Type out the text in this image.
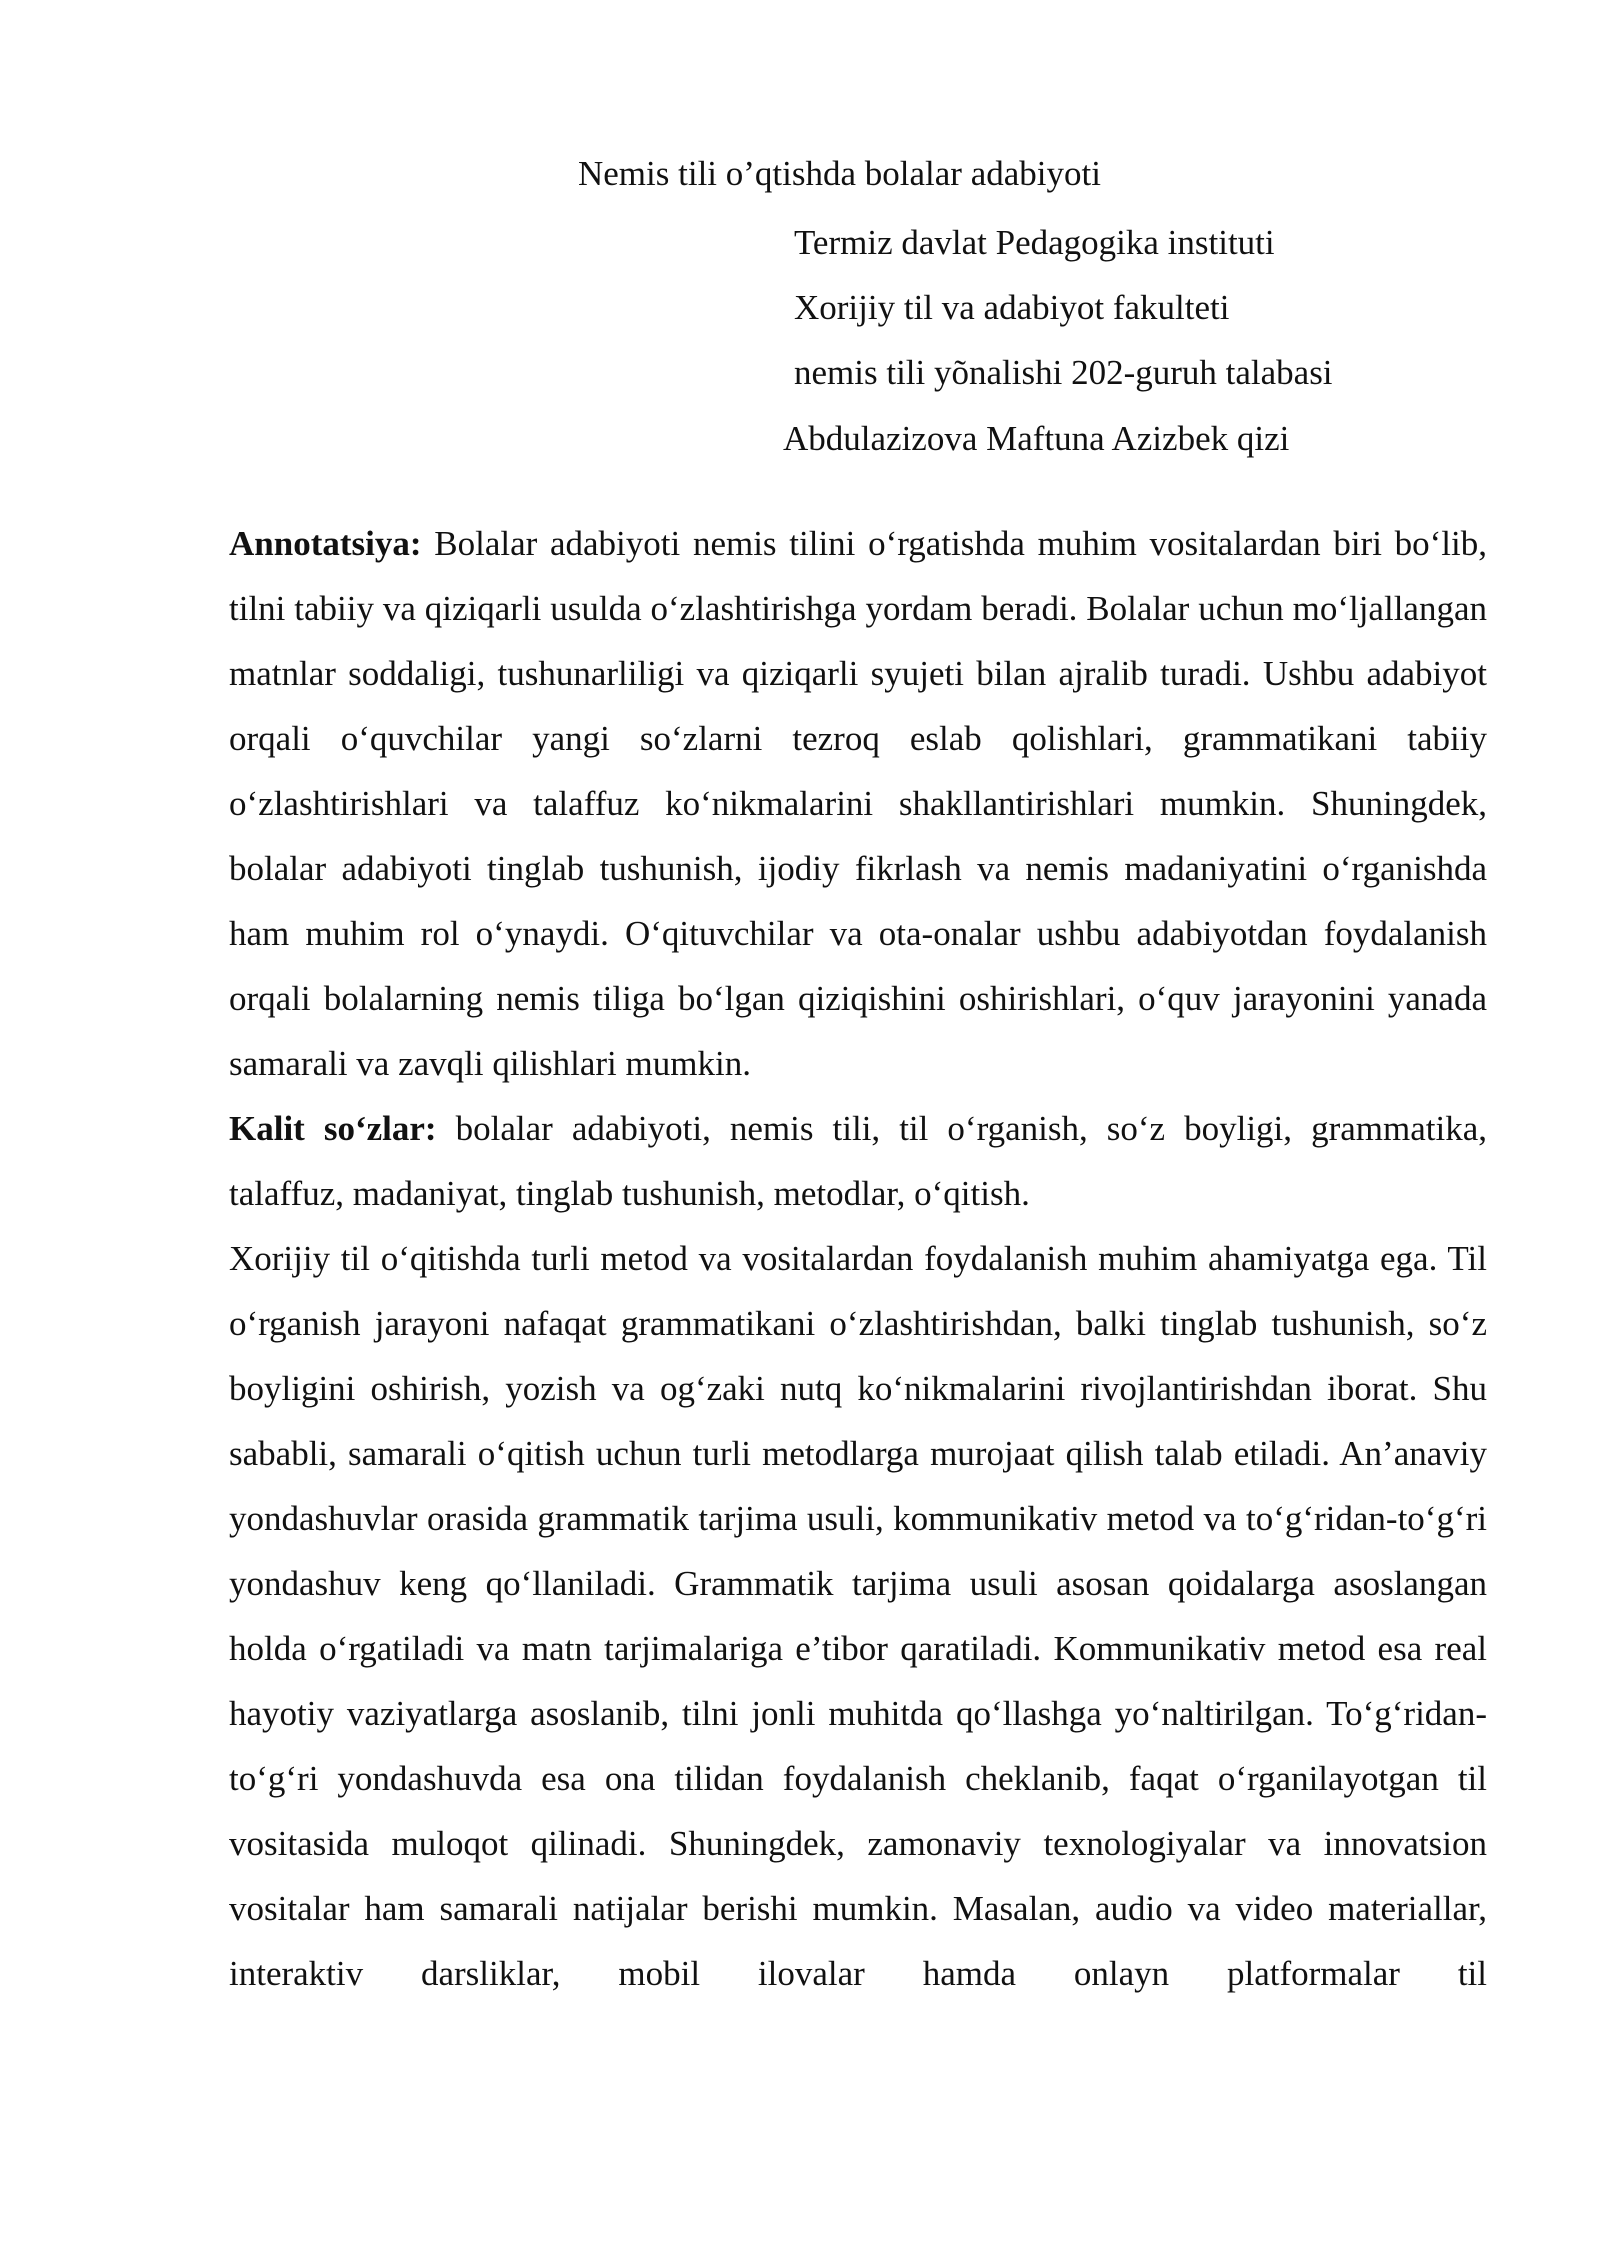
Nemis tili o’qtishda bolalar adabiyoti
Termiz davlat Pedagogika instituti
Xorijiy til va adabiyot fakulteti
nemis tili yõnalishi 202-guruh talabasi
Abdulazizova Maftuna Azizbek qizi

Annotatsiya: Bolalar adabiyoti nemis tilini o‘rgatishda muhim vositalardan biri bo‘lib, tilni tabiiy va qiziqarli usulda o‘zlashtirishga yordam beradi. Bolalar uchun mo‘ljallangan matnlar soddaligi, tushunarliligi va qiziqarli syujeti bilan ajralib turadi. Ushbu adabiyot orqali o‘quvchilar yangi so‘zlarni tezroq eslab qolishlari, grammatikani tabiiy o‘zlashtirishlari va talaffuz ko‘nikmalarini shakllantirishlari mumkin. Shuningdek, bolalar adabiyoti tinglab tushunish, ijodiy fikrlash va nemis madaniyatini o‘rganishda ham muhim rol o‘ynaydi. O‘qituvchilar va ota-onalar ushbu adabiyotdan foydalanish orqali bolalarning nemis tiliga bo‘lgan qiziqishini oshirishlari, o‘quv jarayonini yanada samarali va zavqli qilishlari mumkin.

Kalit so‘zlar: bolalar adabiyoti, nemis tili, til o‘rganish, so‘z boyligi, grammatika, talaffuz, madaniyat, tinglab tushunish, metodlar, o‘qitish.

Xorijiy til o‘qitishda turli metod va vositalardan foydalanish muhim ahamiyatga ega. Til o‘rganish jarayoni nafaqat grammatikani o‘zlashtirishdan, balki tinglab tushunish, so‘z boyligini oshirish, yozish va og‘zaki nutq ko‘nikmalarini rivojlantirishdan iborat. Shu sababli, samarali o‘qitish uchun turli metodlarga murojaat qilish talab etiladi. An’anaviy yondashuvlar orasida grammatik tarjima usuli, kommunikativ metod va to‘g‘ridan-to‘g‘ri yondashuv keng qo‘llaniladi. Grammatik tarjima usuli asosan qoidalarga asoslangan holda o‘rgatiladi va matn tarjimalariga e’tibor qaratiladi. Kommunikativ metod esa real hayotiy vaziyatlarga asoslanib, tilni jonli muhitda qo‘llashga yo‘naltirilgan. To‘g‘ridan-to‘g‘ri yondashuvda esa ona tilidan foydalanish cheklanib, faqat o‘rganilayotgan til vositasida muloqot qilinadi. Shuningdek, zamonaviy texnologiyalar va innovatsion vositalar ham samarali natijalar berishi mumkin. Masalan, audio va video materiallar, interaktiv darsliklar, mobil ilovalar hamda onlayn platformalar til
